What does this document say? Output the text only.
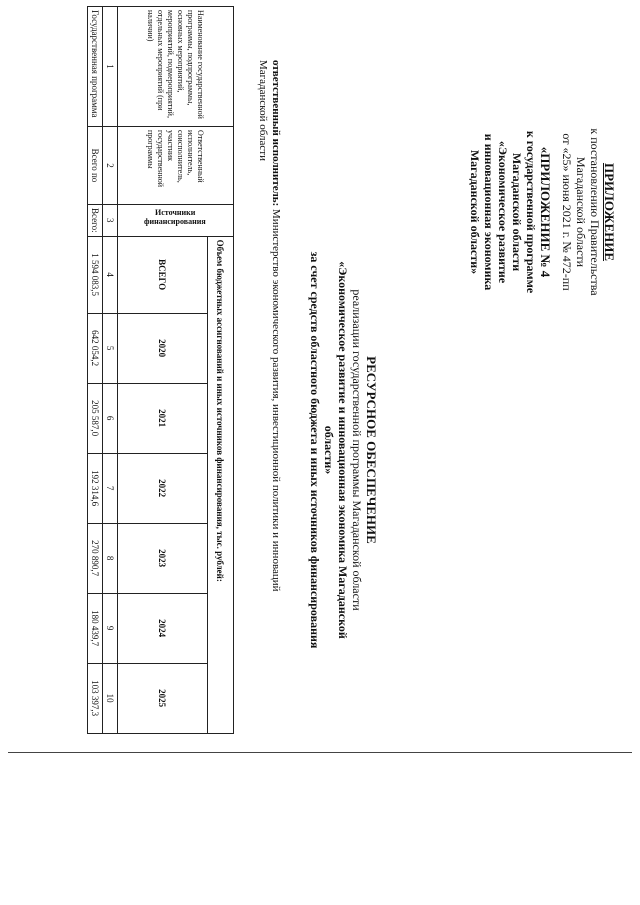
ПРИЛОЖЕНИЕ
к постановлению Правительства
Магаданской области
от «25» июня 2021 г. № 472-пп
«ПРИЛОЖЕНИЕ № 4
к государственной программе
Магаданской области
«Экономическое развитие
и инновационная экономика
Магаданской области»
РЕСУРСНОЕ ОБЕСПЕЧЕНИЕ
реализации государственной программы Магаданской области
«Экономическое развитие и инновационная экономика Магаданской области»
за счет средств областного бюджета и иных источников финансирования
ответственный исполнитель: Министерство экономического развития, инвестиционной политики и инноваций
Магаданской области
Наименование государственной программы, подпрограммы, основных мероприятий, мероприятий, подмероприятий, отдельных мероприятий (при наличии)	Ответственный исполнитель, соисполнитель, участник государственной программы	Источники финансирования	Объем бюджетных ассигнований и иных источников финансирования, тыс. рублей:						
			ВСЕГО	2020	2021	2022	2023	2024	2025
1	2	3	4	5	6	7	8	9	10
Государственная программа	Всего по	Всего:	1 594 083,5	642 054,2	205 587,0	192 314,6	270 890,7	180 439,7	103 397,3
